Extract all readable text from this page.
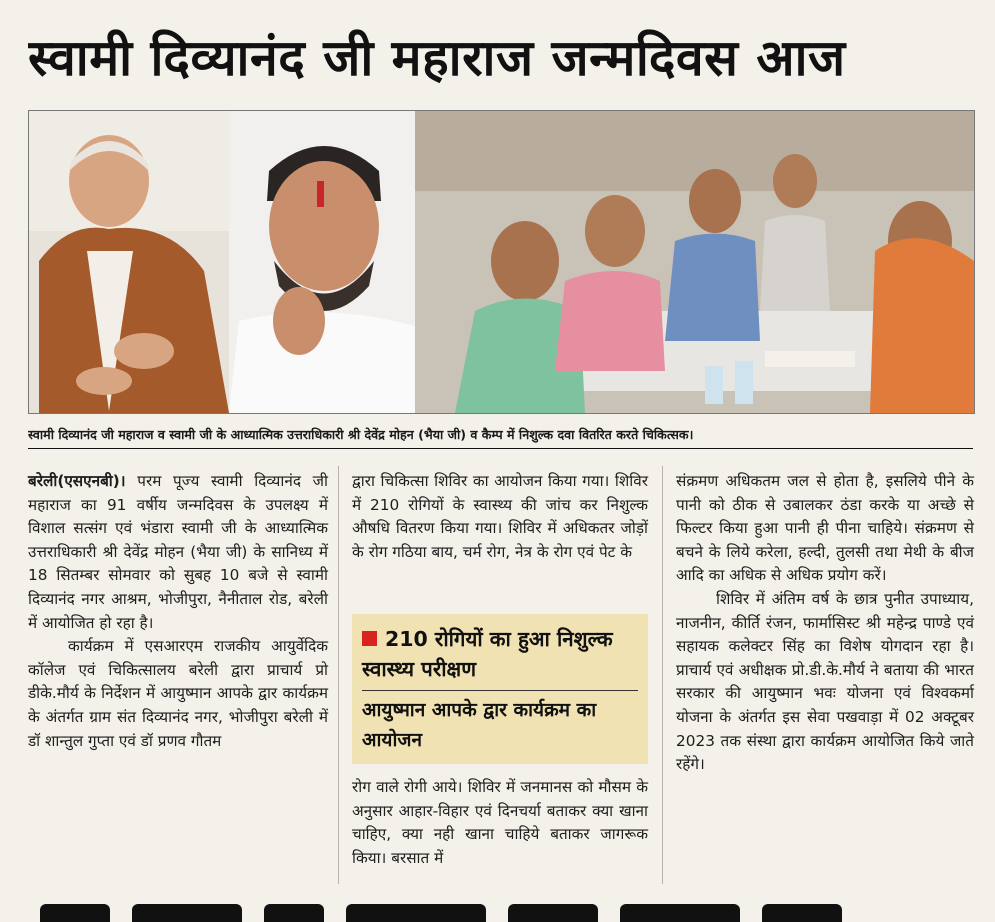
स्वामी दिव्यानंद जी महाराज जन्मदिवस आज
स्वामी दिव्यानंद जी महाराज व स्वामी जी के आध्यात्मिक उत्तराधिकारी श्री देवेंद्र मोहन (भैया जी) व कैम्प में निशुल्क दवा वितरित करते चिकित्सक।

बरेली(एसएनबी)। परम पूज्य स्वामी दिव्यानंद जी महाराज का 91 वर्षीय जन्मदिवस के उपलक्ष्य में विशाल सत्संग एवं भंडारा स्वामी जी के आध्यात्मिक उत्तराधिकारी श्री देवेंद्र मोहन (भैया जी) के सानिध्य में 18 सितम्बर सोमवार को सुबह 10 बजे से स्वामी दिव्यानंद नगर आश्रम, भोजीपुरा, नैनीताल रोड, बरेली में आयोजित हो रहा है।

कार्यक्रम में एसआरएम राजकीय आयुर्वेदिक कॉलेज एवं चिकित्सालय बरेली द्वारा प्राचार्य प्रो डीके.मौर्य के निर्देशन में आयुष्मान आपके द्वार कार्यक्रम के अंतर्गत ग्राम संत दिव्यानंद नगर, भोजीपुरा बरेली में डॉ शान्तुल गुप्ता एवं डॉ प्रणव गौतम

द्वारा चिकित्सा शिविर का आयोजन किया गया। शिविर में 210 रोगियों के स्वास्थ्य की जांच कर निशुल्क औषधि वितरण किया गया। शिविर में अधिकतर जोड़ों के रोग गठिया बाय, चर्म रोग, नेत्र के रोग एवं पेट के

210 रोगियों का हुआ निशुल्क स्वास्थ्य परीक्षण
आयुष्मान आपके द्वार कार्यक्रम का आयोजन

रोग वाले रोगी आये। शिविर में जनमानस को मौसम के अनुसार आहार-विहार एवं दिनचर्या बताकर क्या खाना चाहिए, क्या नही खाना चाहिये बताकर जागरूक किया। बरसात में

संक्रमण अधिकतम जल से होता है, इसलिये पीने के पानी को ठीक से उबालकर ठंडा करके या अच्छे से फिल्टर किया हुआ पानी ही पीना चाहिये। संक्रमण से बचने के लिये करेला, हल्दी, तुलसी तथा मेथी के बीज आदि का अधिक से अधिक प्रयोग करें।

शिविर में अंतिम वर्ष के छात्र पुनीत उपाध्याय, नाजनीन, कीर्ति रंजन, फार्मासिस्ट श्री महेन्द्र पाण्डे एवं सहायक कलेक्टर सिंह का विशेष योगदान रहा है। प्राचार्य एवं अधीक्षक प्रो.डी.के.मौर्य ने बताया की भारत सरकार की आयुष्मान भवः योजना एवं विश्वकर्मा योजना के अंतर्गत इस सेवा पखवाड़ा में 02 अक्टूबर 2023 तक संस्था द्वारा कार्यक्रम आयोजित किये जाते रहेंगे।
